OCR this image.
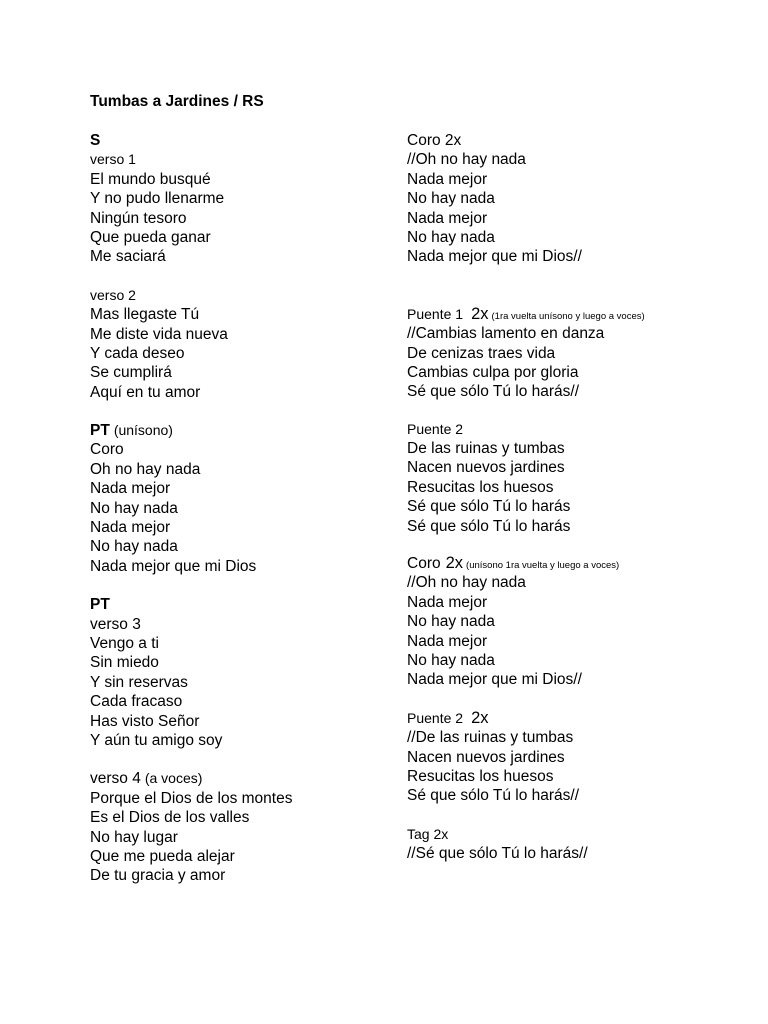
Tumbas a Jardines / RS
S
verso 1
El mundo busqué
Y no pudo llenarme
Ningún tesoro
Que pueda ganar
Me saciará
verso 2
Mas llegaste Tú
Me diste vida nueva
Y cada deseo
Se cumplirá
Aquí en tu amor
PT (unísono)
Coro
Oh no hay nada
Nada mejor
No hay nada
Nada mejor
No hay nada
Nada mejor que mi Dios
PT
verso 3
Vengo a ti
Sin miedo
Y sin reservas
Cada fracaso
Has visto Señor
Y aún tu amigo soy
verso 4 (a voces)
Porque el Dios de los montes
Es el Dios de los valles
No hay lugar
Que me pueda alejar
De tu gracia y amor
Coro 2x
//Oh no hay nada
Nada mejor
No hay nada
Nada mejor
No hay nada
Nada mejor que mi Dios//
Puente 1 2x (1ra vuelta unísono y luego a voces)
//Cambias lamento en danza
De cenizas traes vida
Cambias culpa por gloria
Sé que sólo Tú lo harás//
Puente 2
De las ruinas y tumbas
Nacen nuevos jardines
Resucitas los huesos
Sé que sólo Tú lo harás
Sé que sólo Tú lo harás
Coro 2x (unísono 1ra vuelta y luego a voces)
//Oh no hay nada
Nada mejor
No hay nada
Nada mejor
No hay nada
Nada mejor que mi Dios//
Puente 2 2x
//De las ruinas y tumbas
Nacen nuevos jardines
Resucitas los huesos
Sé que sólo Tú lo harás//
Tag 2x
//Sé que sólo Tú lo harás//
